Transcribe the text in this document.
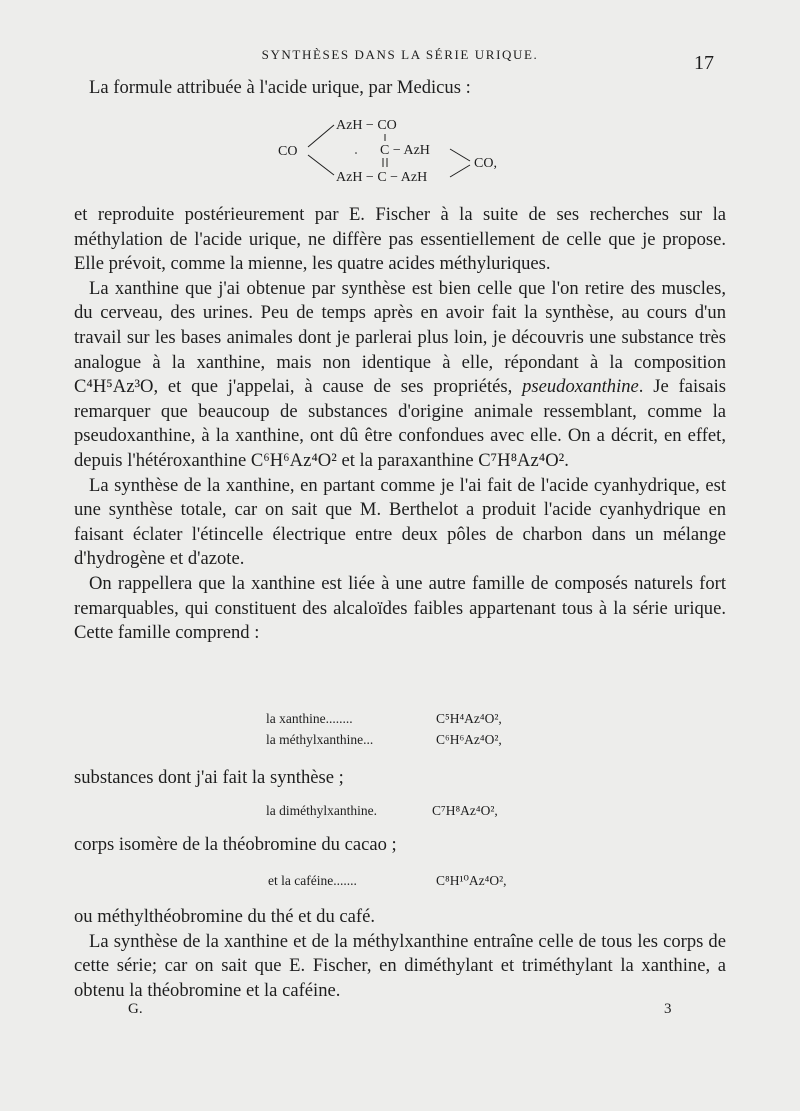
SYNTHÈSES DANS LA SÉRIE URIQUE.	17

La formule attribuée à l'acide urique, par Medicus :

CO
AzH − CO
C − AzH
AzH − C − AzH
CO,

et reproduite postérieurement par E. Fischer à la suite de ses recherches sur la méthylation de l'acide urique, ne diffère pas essentiellement de celle que je propose. Elle prévoit, comme la mienne, les quatre acides méthyluriques.

La xanthine que j'ai obtenue par synthèse est bien celle que l'on retire des muscles, du cerveau, des urines. Peu de temps après en avoir fait la synthèse, au cours d'un travail sur les bases animales dont je parlerai plus loin, je découvris une substance très analogue à la xanthine, mais non identique à elle, répondant à la composition C⁴H⁵Az³O, et que j'appelai, à cause de ses propriétés, pseudoxanthine. Je faisais remarquer que beaucoup de substances d'origine animale ressemblant, comme la pseudoxanthine, à la xanthine, ont dû être confondues avec elle. On a décrit, en effet, depuis l'hétéroxanthine C⁶H⁶Az⁴O² et la paraxanthine C⁷H⁸Az⁴O².

La synthèse de la xanthine, en partant comme je l'ai fait de l'acide cyanhydrique, est une synthèse totale, car on sait que M. Berthelot a produit l'acide cyanhydrique en faisant éclater l'étincelle électrique entre deux pôles de charbon dans un mélange d'hydrogène et d'azote.

On rappellera que la xanthine est liée à une autre famille de composés naturels fort remarquables, qui constituent des alcaloïdes faibles appartenant tous à la série urique. Cette famille comprend :

la xanthine........	C⁵H⁴Az⁴O²,
la méthylxanthine...	C⁶H⁶Az⁴O²,

substances dont j'ai fait la synthèse ;

la diméthylxanthine.	C⁷H⁸Az⁴O²,

corps isomère de la théobromine du cacao ;

et la caféine.......	C⁸H¹⁰Az⁴O²,

ou méthylthéobromine du thé et du café.

La synthèse de la xanthine et de la méthylxanthine entraîne celle de tous les corps de cette série; car on sait que E. Fischer, en diméthylant et triméthylant la xanthine, a obtenu la théobromine et la caféine.

G.	3
